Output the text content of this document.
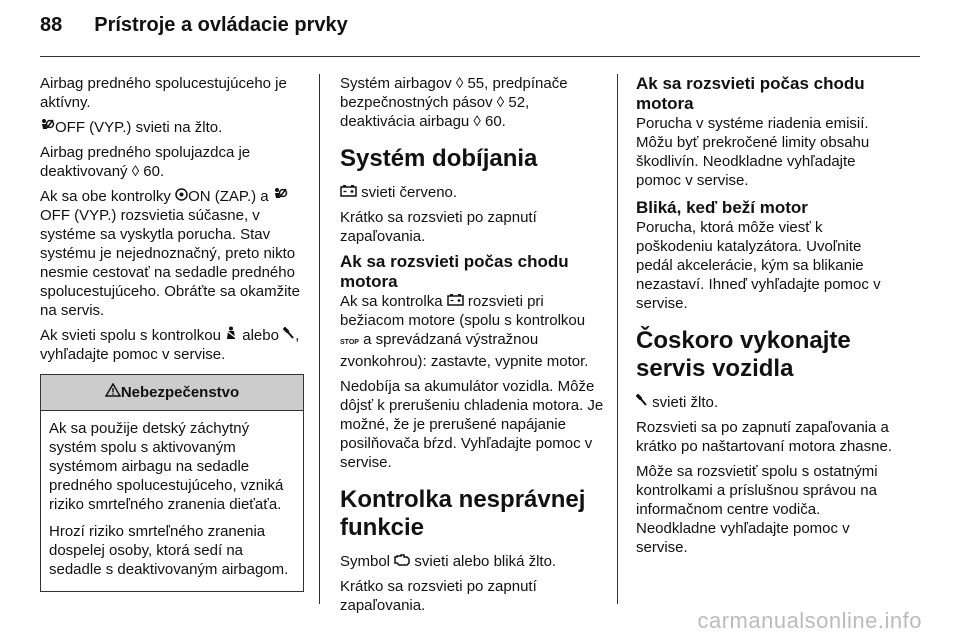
88 Prístroje a ovládacie prvky

Airbag predného spolucestujúceho je aktívny.

OFF (VYP.) svieti na žlto.

Airbag predného spolujazdca je deaktivovaný ◊ 60.

Ak sa obe kontrolky ON (ZAP.) a OFF (VYP.) rozsvietia súčasne, v systéme sa vyskytla porucha. Stav systému je nejednoznačný, preto nikto nesmie cestovať na sedadle predného spolucestujúceho. Obráťte sa okamžite na servis.

Ak svieti spolu s kontrolkou  alebo , vyhľadajte pomoc v servise.

Nebezpečenstvo

Ak sa použije detský záchytný systém spolu s aktivovaným systémom airbagu na sedadle predného spolucestujúceho, vzniká riziko smrteľného zranenia dieťaťa.

Hrozí riziko smrteľného zranenia dospelej osoby, ktorá sedí na sedadle s deaktivovaným airbagom.

Systém airbagov ◊ 55, predpínače bezpečnostných pásov ◊ 52, deaktivácia airbagu ◊ 60.

Systém dobíjania

svieti červeno.

Krátko sa rozsvieti po zapnutí zapaľovania.

Ak sa rozsvieti počas chodu motora

Ak sa kontrolka  rozsvieti pri bežiacom motore (spolu s kontrolkou STOP a sprevádzaná výstražnou zvonkohrou): zastavte, vypnite motor.

Nedobíja sa akumulátor vozidla. Môže dôjsť k prerušeniu chladenia motora. Je možné, že je prerušené napájanie posilňovača bŕzd. Vyhľadajte pomoc v servise.

Kontrolka nesprávnej funkcie

Symbol  svieti alebo bliká žlto.

Krátko sa rozsvieti po zapnutí zapaľovania.

Ak sa rozsvieti počas chodu motora

Porucha v systéme riadenia emisií. Môžu byť prekročené limity obsahu škodlivín. Neodkladne vyhľadajte pomoc v servise.

Bliká, keď beží motor

Porucha, ktorá môže viesť k poškodeniu katalyzátora. Uvoľnite pedál akcelerácie, kým sa blikanie nezastaví. Ihneď vyhľadajte pomoc v servise.

Čoskoro vykonajte servis vozidla

svieti žlto.

Rozsvieti sa po zapnutí zapaľovania a krátko po naštartovaní motora zhasne.

Môže sa rozsvietiť spolu s ostatnými kontrolkami a príslušnou správou na informačnom centre vodiča. Neodkladne vyhľadajte pomoc v servise.

carmanualsonline.info
